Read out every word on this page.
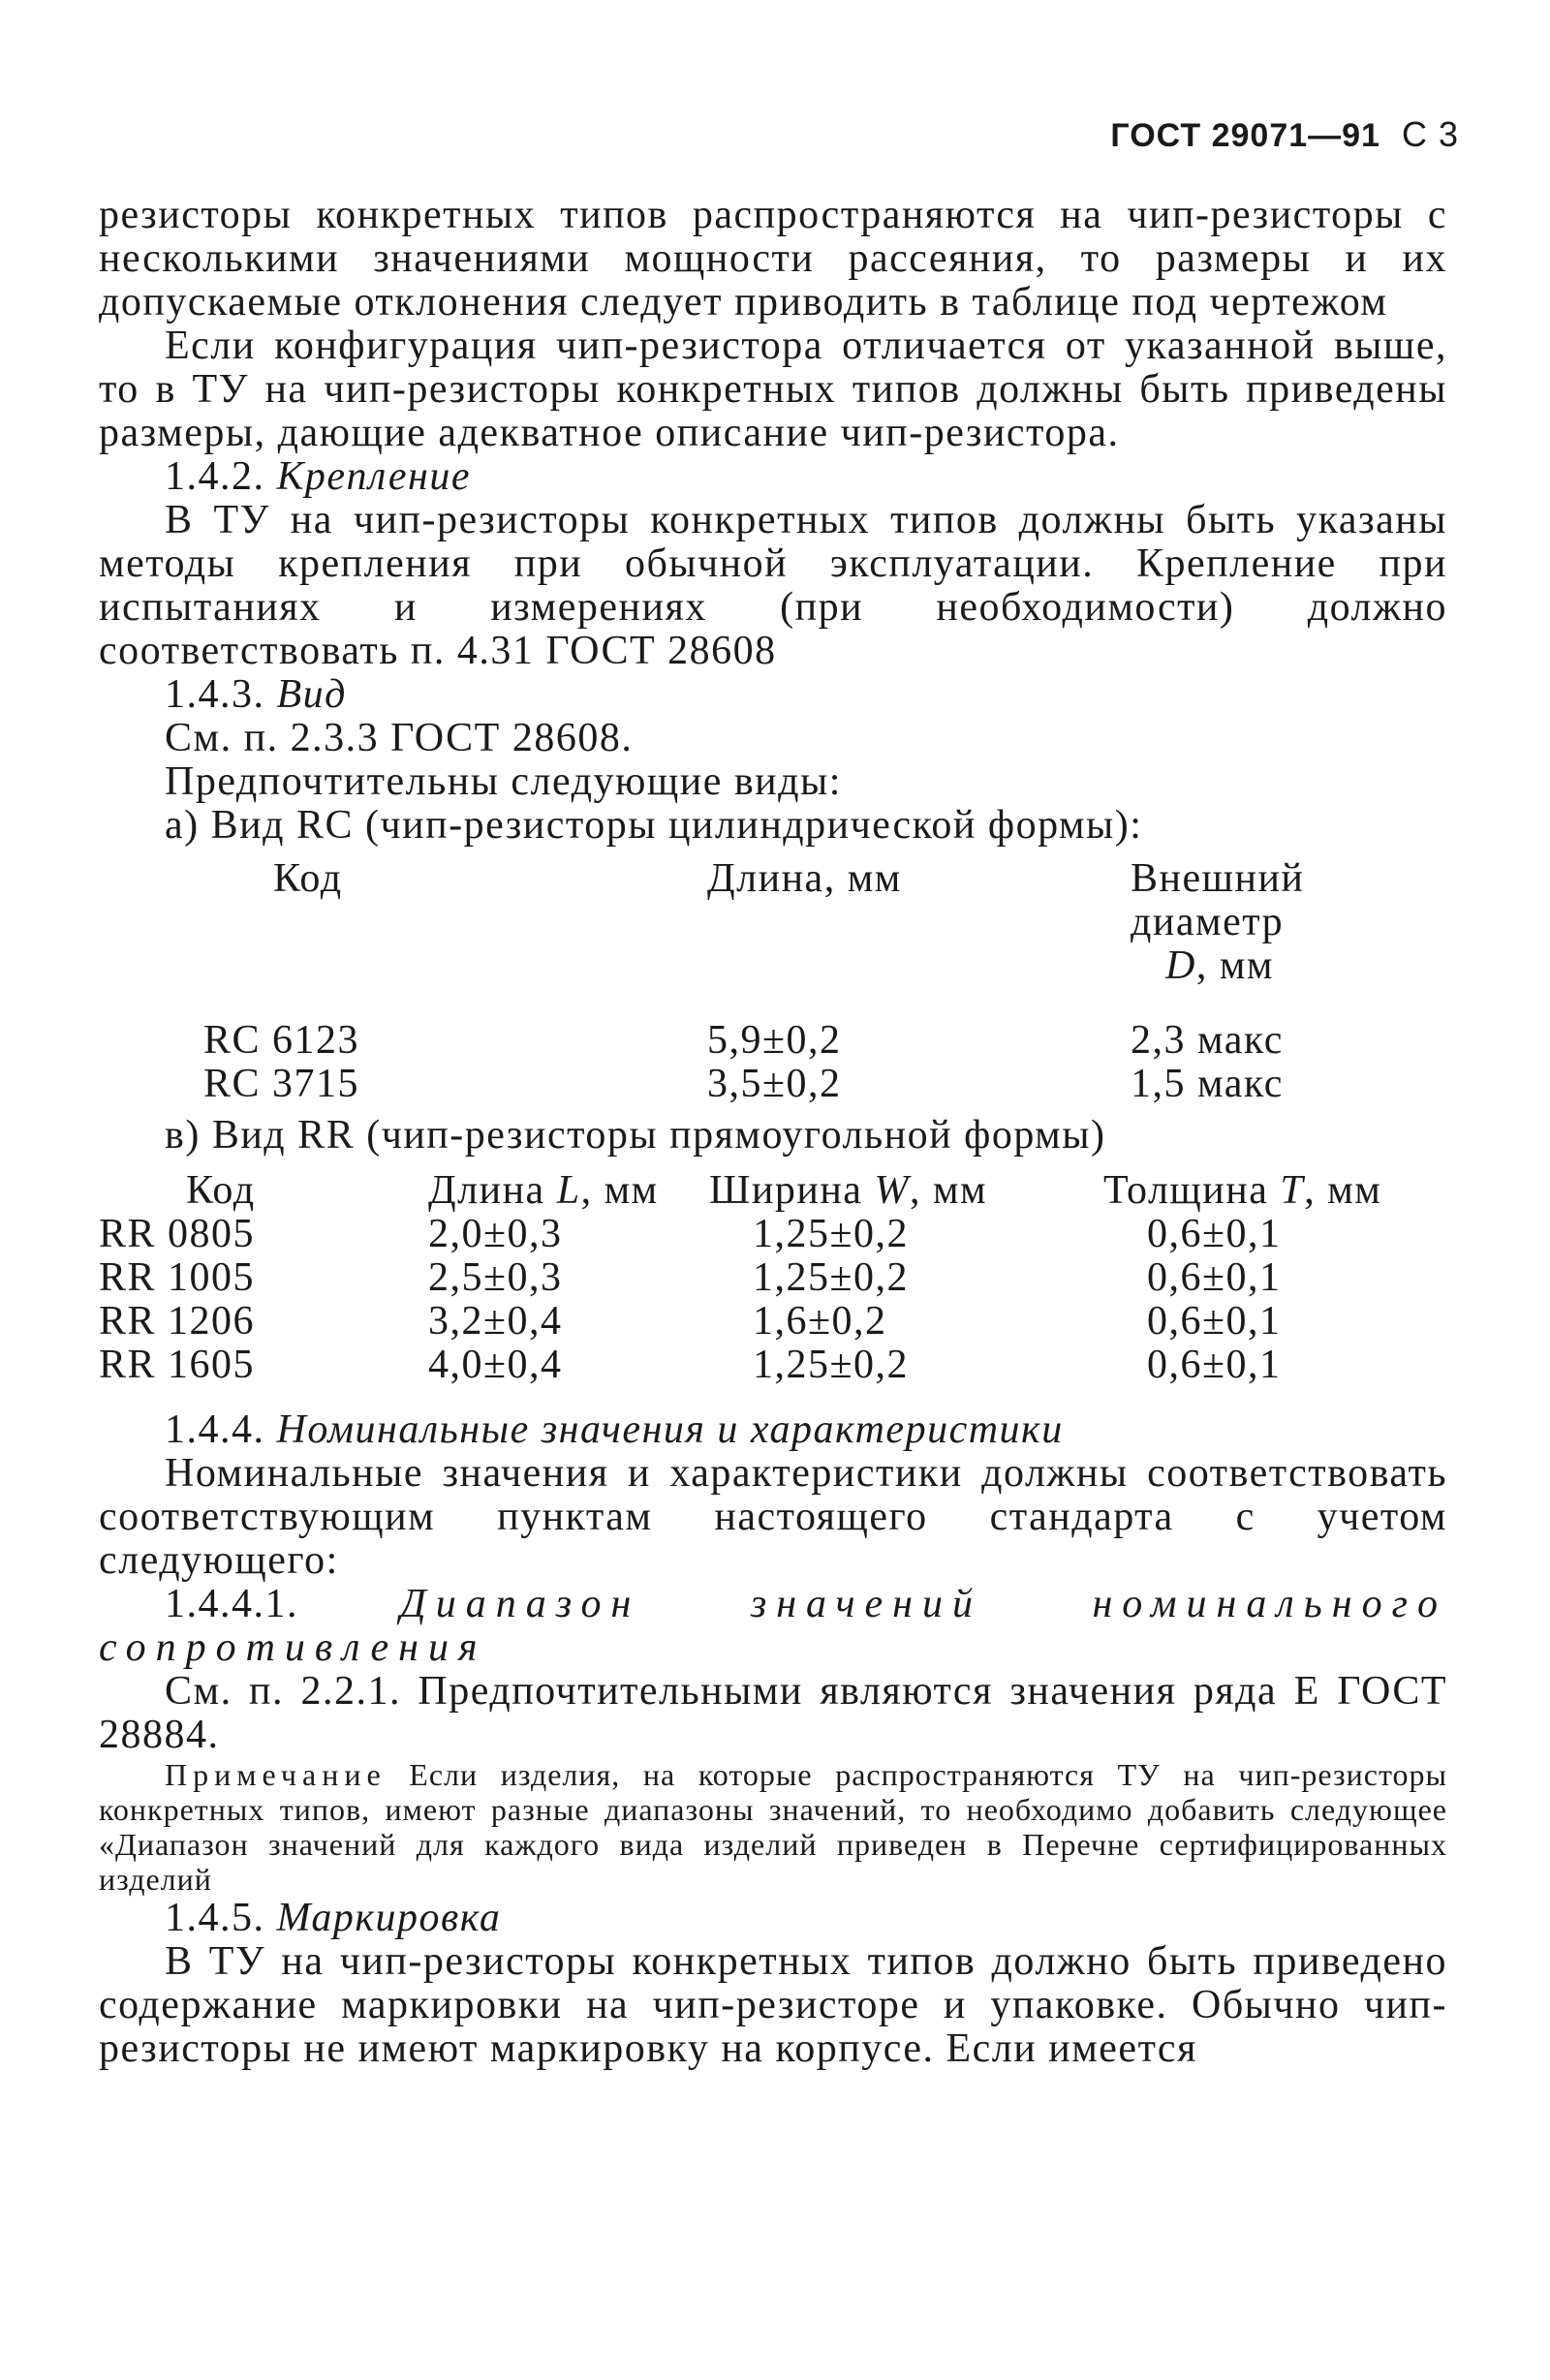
ГОСТ 29071—91 С 3

резисторы конкретных типов распространяются на чип-резисторы с несколькими значениями мощности рассеяния, то размеры и их допускаемые отклонения следует приводить в таблице под чертежом

Если конфигурация чип-резистора отличается от указанной выше, то в ТУ на чип-резисторы конкретных типов должны быть приведены размеры, дающие адекватное описание чип-резистора.

1.4.2. Крепление

В ТУ на чип-резисторы конкретных типов должны быть указаны методы крепления при обычной эксплуатации. Крепление при испытаниях и измерениях (при необходимости) должно соответствовать п. 4.31 ГОСТ 28608

1.4.3. Вид

См. п. 2.3.3 ГОСТ 28608.

Предпочтительны следующие виды:

а) Вид RC (чип-резисторы цилиндрической формы):

Код	Длина, мм	Внешний
диаметр
D, мм

RC 6123	5,9±0,2	2,3 макс
RC 3715	3,5±0,2	1,5 макс

в) Вид RR (чип-резисторы прямоугольной формы)

Код	Длина L, мм	Ширина W, мм	Толщина T, мм
RR 0805	2,0±0,3	1,25±0,2	0,6±0,1
RR 1005	2,5±0,3	1,25±0,2	0,6±0,1
RR 1206	3,2±0,4	1,6±0,2	0,6±0,1
RR 1605	4,0±0,4	1,25±0,2	0,6±0,1

1.4.4. Номинальные значения и характеристики

Номинальные значения и характеристики должны соответствовать соответствующим пунктам настоящего стандарта с учетом следующего:

1.4.4.1. Диапазон значений номинального сопротивления

См. п. 2.2.1. Предпочтительными являются значения ряда Е ГОСТ 28884.

Примечание Если изделия, на которые распространяются ТУ на чип-резисторы конкретных типов, имеют разные диапазоны значений, то необходимо добавить следующее «Диапазон значений для каждого вида изделий приведен в Перечне сертифицированных изделий

1.4.5. Маркировка

В ТУ на чип-резисторы конкретных типов должно быть приведено содержание маркировки на чип-резисторе и упаковке. Обычно чип-резисторы не имеют маркировку на корпусе. Если имеется
